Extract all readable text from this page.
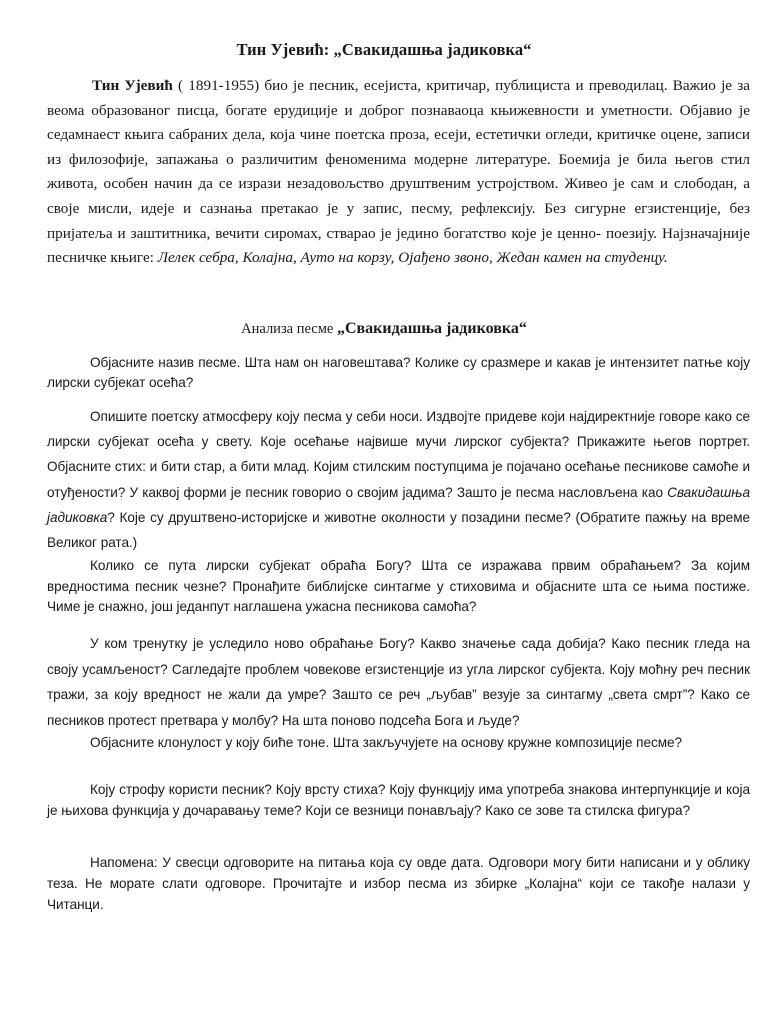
Тин Ујевић: „Свакидашња јадиковка“

Тин Ујевић ( 1891-1955) био је песник, есејиста, критичар, публициста и преводилац. Важио је за веома образованог писца, богате ерудиције и доброг познаваоца књижевности и уметности. Објавио је седамнаест књига сабраних дела, која чине поетска проза, есеји, естетички огледи, критичке оцене, записи из филозофије, запажања о различитим феноменима модерне литературе. Боемија је била његов стил живота, особен начин да се изрази незадовољство друштвеним устројством. Живео је сам и слободан, а своје мисли, идеје и сазнања претакао је у запис, песму, рефлексију. Без сигурне егзистенције, без пријатеља и заштитника, вечити сиромах, стварао је једино богатство које је ценно- поезију. Најзначајније песничке књиге: Лелек себра, Колајна, Ауто на корзу, Ојађено звоно, Жедан камен на студенцу.

Анализа песме „Свакидашња јадиковка“

Објасните назив песме. Шта нам он наговештава? Колике су сразмере и какав је интензитет патње коју лирски субјекат осећа?

Опишите поетску атмосферу коју песма у себи носи. Издвојте придеве који најдиректније говоре како се лирски субјекат осећа у свету. Које осећање највише мучи лирског субјекта? Прикажите његов портрет. Објасните стих: и бити стар, а бити млад. Којим стилским поступцима је појачано осећање песникове самоће и отуђености? У каквој форми је песник говорио о својим јадима? Зашто је песма насловљена као Свакидашња јадиковка? Које су друштвено-историјске и животне околности у позадини песме? (Обратите пажњу на време Великог рата.)

Колико се пута лирски субјекат обраћа Богу? Шта се изражава првим обраћањем? За којим вредностима песник чезне? Пронађите библијске синтагме у стиховима и објасните шта се њима постиже. Чиме је снажно, још једанпут наглашена ужасна песникова самоћа?

У ком тренутку је уследило ново обраћање Богу? Какво значење сада добија? Како песник гледа на своју усамљеност? Сагледајте проблем човекове егзистенције из угла лирског субјекта. Коју моћну реч песник тражи, за коју вредност не жали да умре? Зашто се реч „љубав” везује за синтагму „света смрт”? Како се песников протест претвара у молбу? На шта поново подсећа Бога и људе?

Објасните клонулост у коју биће тоне. Шта закључујете на основу кружне композиције песме?

Коју строфу користи песник? Коју врсту стиха? Коју функцију има употреба знакова интерпункције и која је њихова функција у дочаравању теме? Који се везници понављају? Како се зове та стилска фигура?

Напомена: У свесци одговорите на питања која су овде дата. Одговори могу бити написани и у облику теза. Не морате слати одговоре. Прочитајте и избор песма из збирке „Колајна“ који се такође налази у Читанци.
